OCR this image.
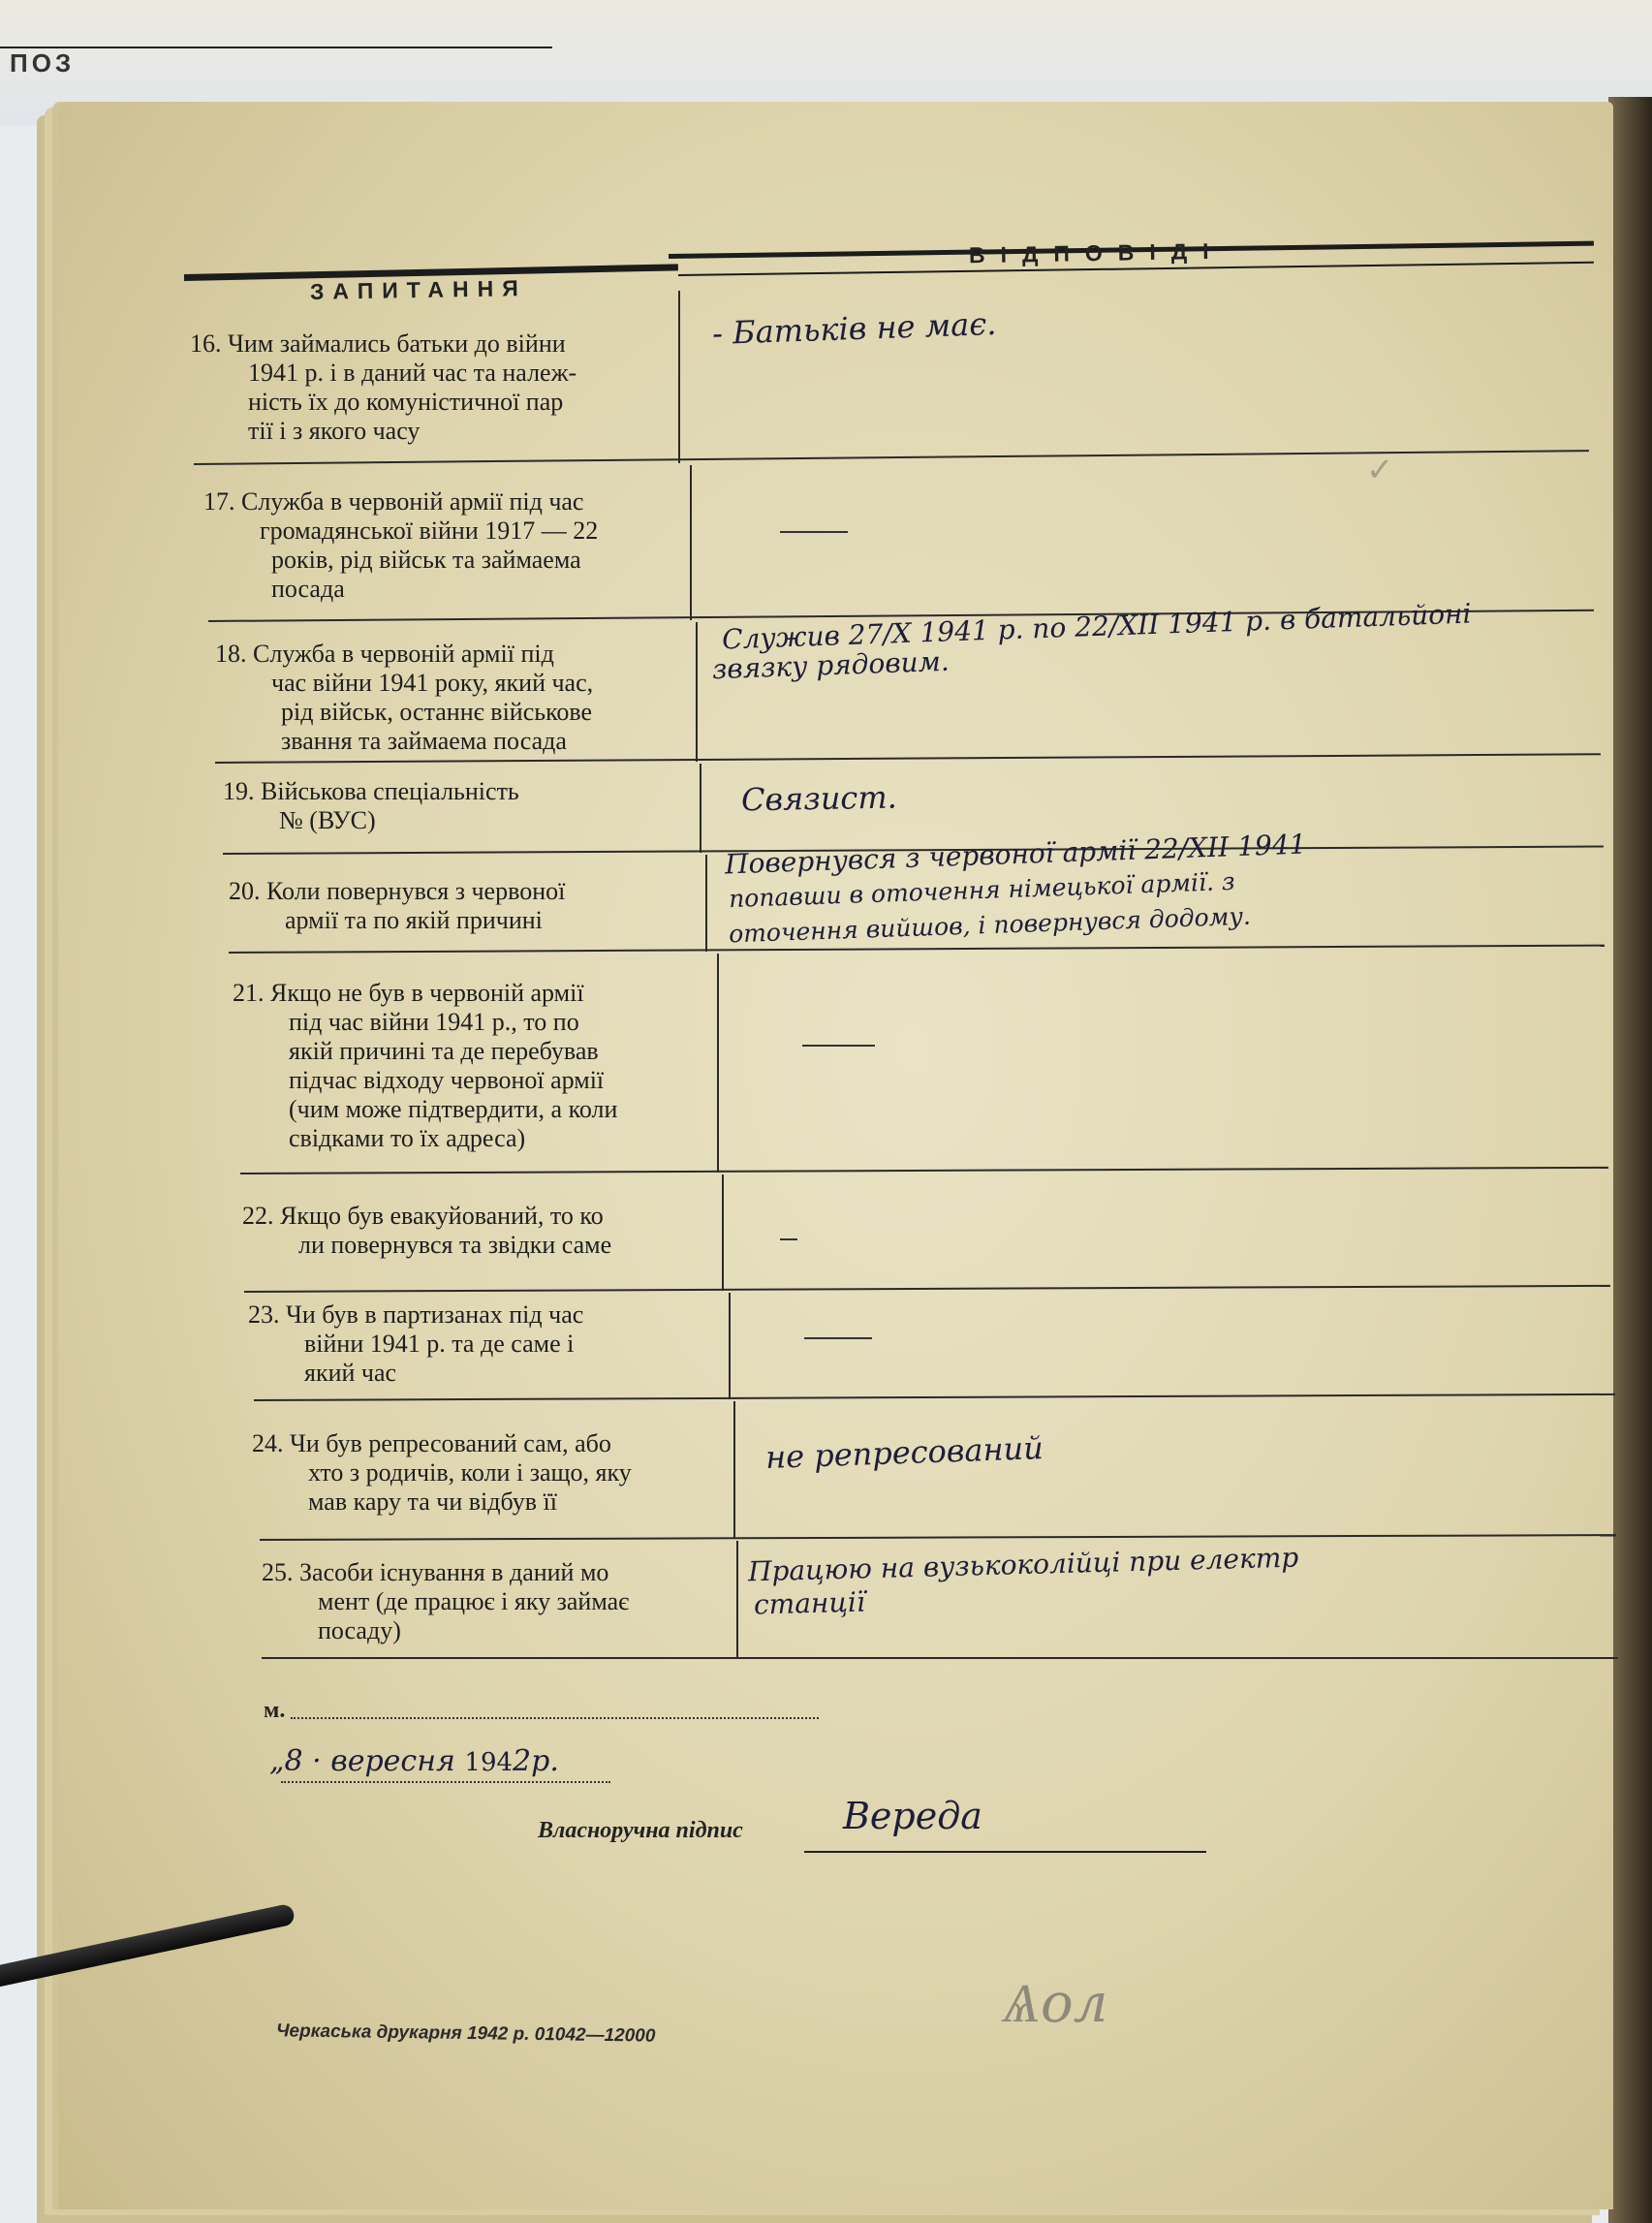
ПОЗ
ЗАПИТАННЯ
ВІДПОВІДІ
16. Чим займались батьки до війни
1941 р. і в даний час та належ-
ність їх до комуністичної пар
тії і з якого часу
- Батьків не має.
✓
17. Служба в червоній армії під час
громадянської війни 1917 — 22
років, рід військ та займаема
посада
18. Служба в червоній армії під
час війни 1941 року, який час,
рід військ, останнє військове
звання та займаема посада
Служив 27/X 1941 р. по 22/XII 1941 р. в батальйоні
звязку рядовим.
19. Військова спеціальність
№ (ВУС)
Связист.
20. Коли повернувся з червоної
армії та по якій причині
Повернувся з червоної армії 22/XII 1941
попавши в оточення німецької армії. з
оточення вийшов, і повернувся додому.
21. Якщо не був в червоній армії
під час війни 1941 р., то по
якій причині та де перебував
підчас відходу червоної армії
(чим може підтвердити, а коли
свідками то їх адреса)
22. Якщо був евакуйований, то ко
ли повернувся та звідки саме
23. Чи був в партизанах під час
війни 1941 р. та де саме і
який час
24. Чи був репресований сам, або
хто з родичів, коли і защо, яку
мав кару та чи відбув її
не репресований
25. Засоби існування в даний мо
мент (де працює і яку займає
посаду)
Працюю на вузькоколійці при електр
станції
м.
„8 · вересня 1942р.
Власноручна підпис	Вереда
Черкаська друкарня 1942 р. 01042—12000	Ѧол
